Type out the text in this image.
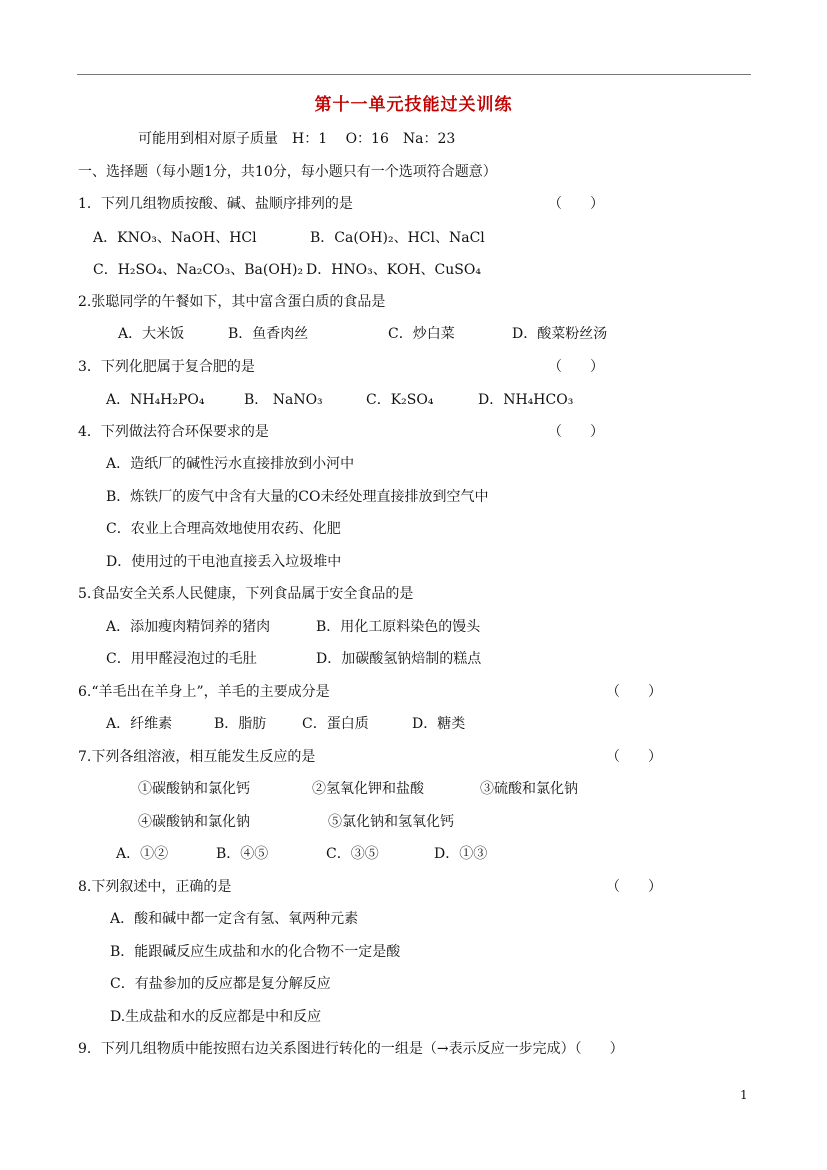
第十一单元技能过关训练
可能用到相对原子质量　H：1　 O：16　Na：23
一、选择题（每小题1分，共10分，每小题只有一个选项符合题意）
1．下列几组物质按酸、碱、盐顺序排列的是	（　　）
A．KNO₃、NaOH、HCl	B．Ca(OH)₂、HCl、NaCl
C．H₂SO₄、Na₂CO₃、Ba(OH)₂ D．HNO₃、KOH、CuSO₄
2.张聪同学的午餐如下，其中富含蛋白质的食品是
A．大米饭	B．鱼香肉丝	C．炒白菜	D．酸菜粉丝汤
3．下列化肥属于复合肥的是	（　　）
A．NH₄H₂PO₄	B． NaNO₃	C．K₂SO₄	D．NH₄HCO₃
4．下列做法符合环保要求的是	（　　）
A．造纸厂的碱性污水直接排放到小河中
B．炼铁厂的废气中含有大量的CO未经处理直接排放到空气中
C．农业上合理高效地使用农药、化肥
D．使用过的干电池直接丢入垃圾堆中
5.食品安全关系人民健康，下列食品属于安全食品的是
A．添加瘦肉精饲养的猪肉	B．用化工原料染色的馒头
C．用甲醛浸泡过的毛肚	D．加碳酸氢钠焙制的糕点
6.“羊毛出在羊身上”，羊毛的主要成分是	（　　）
A．纤维素	B．脂肪	C．蛋白质	D．糖类
7.下列各组溶液，相互能发生反应的是	（　　）
①碳酸钠和氯化钙	②氢氧化钾和盐酸	③硫酸和氯化钠
④碳酸钠和氯化钠	⑤氯化钠和氢氧化钙
A．①②	B．④⑤	C．③⑤	D．①③
8.下列叙述中，正确的是	（　　）
A．酸和碱中都一定含有氢、氧两种元素
B．能跟碱反应生成盐和水的化合物不一定是酸
C．有盐参加的反应都是复分解反应
D.生成盐和水的反应都是中和反应
9．下列几组物质中能按照右边关系图进行转化的一组是（→表示反应一步完成）（　　）
1
